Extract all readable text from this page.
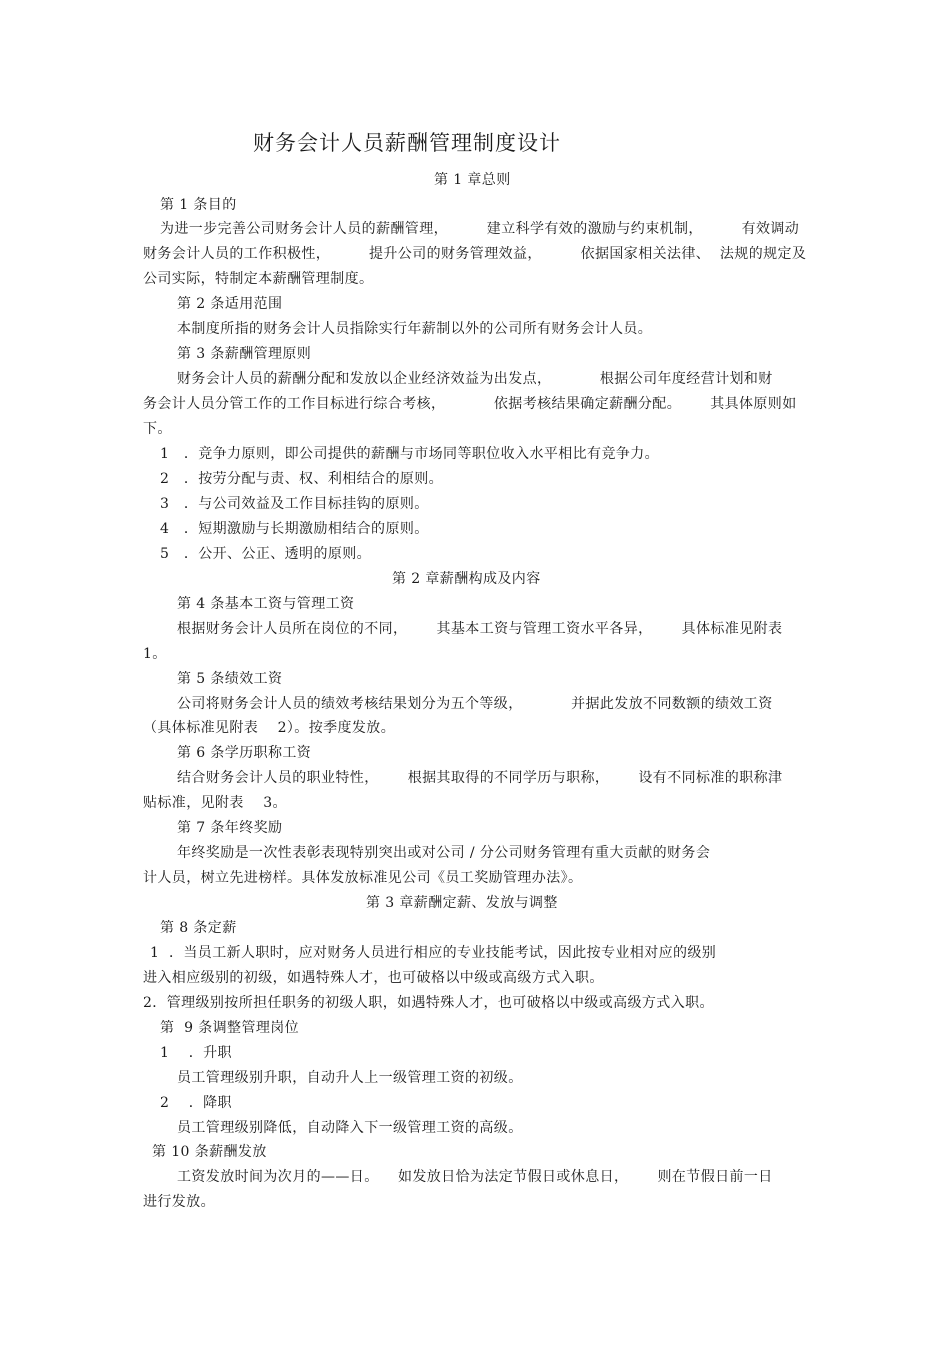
财务会计人员薪酬管理制度设计
第 1 章总则
第 1 条目的
为进一步完善公司财务会计人员的薪酬管理，        建立科学有效的激励与约束机制，        有效调动
财务会计人员的工作积极性，        提升公司的财务管理效益，        依据国家相关法律、  法规的规定及
公司实际，特制定本薪酬管理制度。
第 2 条适用范围
本制度所指的财务会计人员指除实行年薪制以外的公司所有财务会计人员。
第 3 条薪酬管理原则
财务会计人员的薪酬分配和发放以企业经济效益为出发点，          根据公司年度经营计划和财
务会计人员分管工作的工作目标进行综合考核，          依据考核结果确定薪酬分配。      其具体原则如
下。
1   ．竞争力原则，即公司提供的薪酬与市场同等职位收入水平相比有竞争力。
2   ．按劳分配与责、权、利相结合的原则。
3   ．与公司效益及工作目标挂钩的原则。
4   ．短期激励与长期激励相结合的原则。
5   ．公开、公正、透明的原则。
第 2 章薪酬构成及内容
第 4 条基本工资与管理工资
根据财务会计人员所在岗位的不同，      其基本工资与管理工资水平各异，      具体标准见附表
1。
第 5 条绩效工资
公司将财务会计人员的绩效考核结果划分为五个等级，          并据此发放不同数额的绩效工资
（具体标准见附表    2）。按季度发放。
第 6 条学历职称工资
结合财务会计人员的职业特性，      根据其取得的不同学历与职称，      设有不同标准的职称津
贴标准，见附表    3。
第 7 条年终奖励
年终奖励是一次性表彰表现特别突出或对公司 / 分公司财务管理有重大贡献的财务会
计人员，树立先进榜样。具体发放标准见公司《员工奖励管理办法》。
第 3 章薪酬定薪、发放与调整
第 8 条定薪
1  ．当员工新人职时，应对财务人员进行相应的专业技能考试，因此按专业相对应的级别
进入相应级别的初级，如遇特殊人才，也可破格以中级或高级方式入职。
2．管理级别按所担任职务的初级人职，如遇特殊人才，也可破格以中级或高级方式入职。
第  9 条调整管理岗位
1    ．升职
员工管理级别升职，自动升人上一级管理工资的初级。
2    ．降职
员工管理级别降低，自动降入下一级管理工资的高级。
第 10 条薪酬发放
工资发放时间为次月的——日。    如发放日恰为法定节假日或休息日，      则在节假日前一日
进行发放。
